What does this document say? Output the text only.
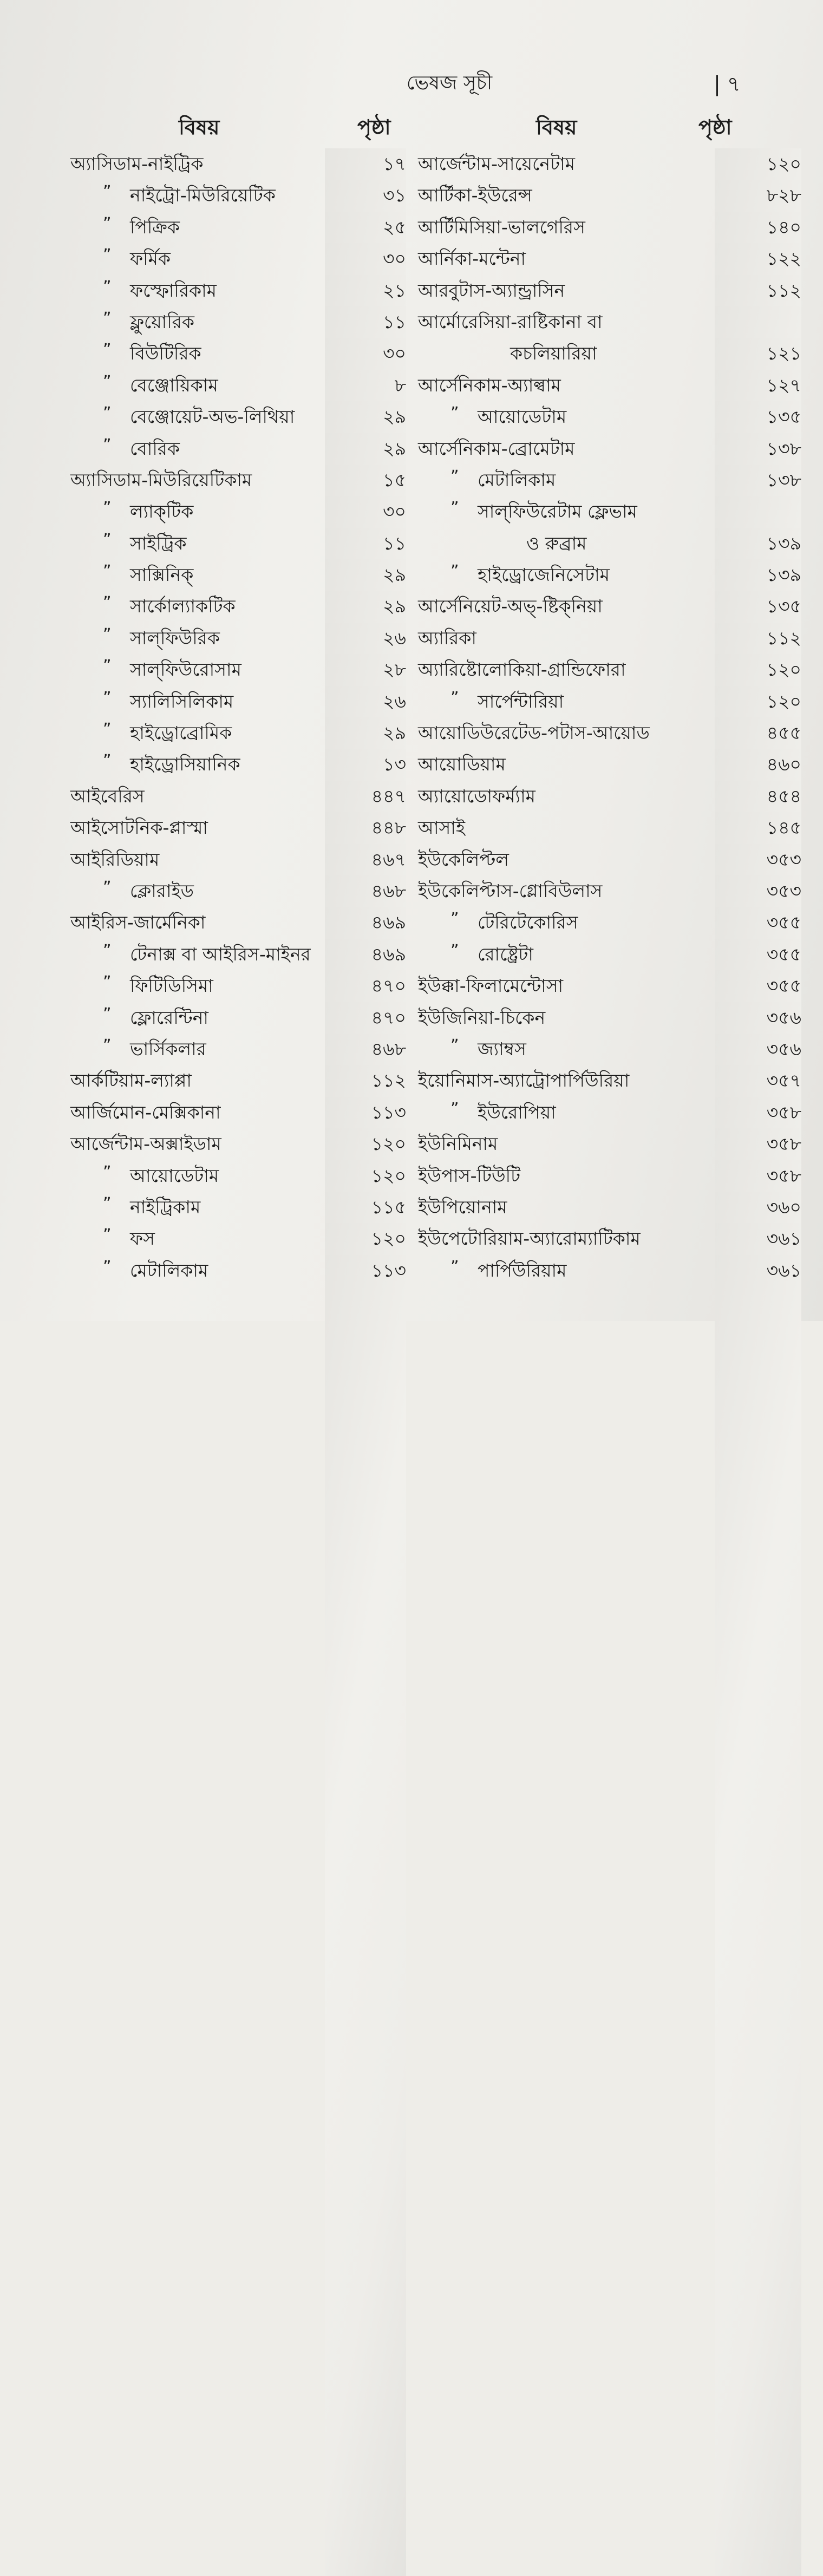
ভেষজ সূচী	| ৭
বিষয়	পৃষ্ঠা	বিষয়	পৃষ্ঠা
অ্যাসিডাম-নাইট্রিক	১৭
” নাইট্রো-মিউরিয়েটিক	৩১
” পিক্রিক	২৫
” ফর্মিক	৩০
” ফস্ফোরিকাম	২১
” ফ্লুয়োরিক	১১
” বিউটিরিক	৩০
” বেঞ্জোয়িকাম	৮
” বেঞ্জোয়েট-অভ-লিথিয়া	২৯
” বোরিক	২৯
অ্যাসিডাম-মিউরিয়েটিকাম	১৫
” ল্যাক্‌টিক	৩০
” সাইট্রিক	১১
” সাক্সিনিক্	২৯
” সার্কোল্যাকটিক	২৯
” সাল্‌ফিউরিক	২৬
” সাল্‌ফিউরোসাম	২৮
” স্যালিসিলিকাম	২৬
” হাইড্রোব্রোমিক	২৯
” হাইড্রোসিয়ানিক	১৩
আইবেরিস	৪৪৭
আইসোটনিক-প্লাস্মা	৪৪৮
আইরিডিয়াম	৪৬৭
” ক্লোরাইড	৪৬৮
আইরিস-জার্মেনিকা	৪৬৯
” টেনাক্স বা আইরিস-মাইনর	৪৬৯
” ফিটিডিসিমা	৪৭০
” ফ্লোরেন্টিনা	৪৭০
” ভার্সিকলার	৪৬৮
আর্কটিয়াম-ল্যাপ্পা	১১২
আর্জিমোন-মেক্সিকানা	১১৩
আর্জেন্টাম-অক্সাইডাম	১২০
” আয়োডেটাম	১২০
” নাইট্রিকাম	১১৫
” ফস	১২০
” মেটালিকাম	১১৩
আর্জেন্টাম-সায়েনেটাম	১২০
আর্টিকা-ইউরেন্স	৮২৮
আর্টিমিসিয়া-ভালগেরিস	১৪০
আর্নিকা-মন্টেনা	১২২
আরবুটাস-অ্যান্ড্রাসিন	১১২
আর্মোরেসিয়া-রাষ্টিকানা বা
কচলিয়ারিয়া	১২১
আর্সেনিকাম-অ্যাল্বাম	১২৭
” আয়োডেটাম	১৩৫
আর্সেনিকাম-ব্রোমেটাম	১৩৮
” মেটালিকাম	১৩৮
” সাল্‌ফিউরেটাম ফ্লেভাম
ও রুব্রাম	১৩৯
” হাইড্রোজেনিসেটাম	১৩৯
আর্সেনিয়েট-অভ্-ষ্টিক্‌নিয়া	১৩৫
অ্যারিকা	১১২
অ্যারিষ্টোলোকিয়া-গ্রান্ডিফোরা	১২০
” সার্পেন্টারিয়া	১২০
আয়োডিউরেটেড-পটাস-আয়োড	৪৫৫
আয়োডিয়াম	৪৬০
অ্যায়োডোফর্ম্যাম	৪৫৪
আসাই	১৪৫
ইউকেলিপ্টল	৩৫৩
ইউকেলিপ্টাস-গ্লোবিউলাস	৩৫৩
” টেরিটেকোরিস	৩৫৫
” রোষ্ট্রেটা	৩৫৫
ইউক্কা-ফিলামেন্টোসা	৩৫৫
ইউজিনিয়া-চিকেন	৩৫৬
” জ্যাম্বস	৩৫৬
ইয়োনিমাস-অ্যাট্রোপার্পিউরিয়া	৩৫৭
” ইউরোপিয়া	৩৫৮
ইউনিমিনাম	৩৫৮
ইউপাস-টিউটি	৩৫৮
ইউপিয়োনাম	৩৬০
ইউপেটোরিয়াম-অ্যারোম্যাটিকাম	৩৬১
” পার্পিউরিয়াম	৩৬১
